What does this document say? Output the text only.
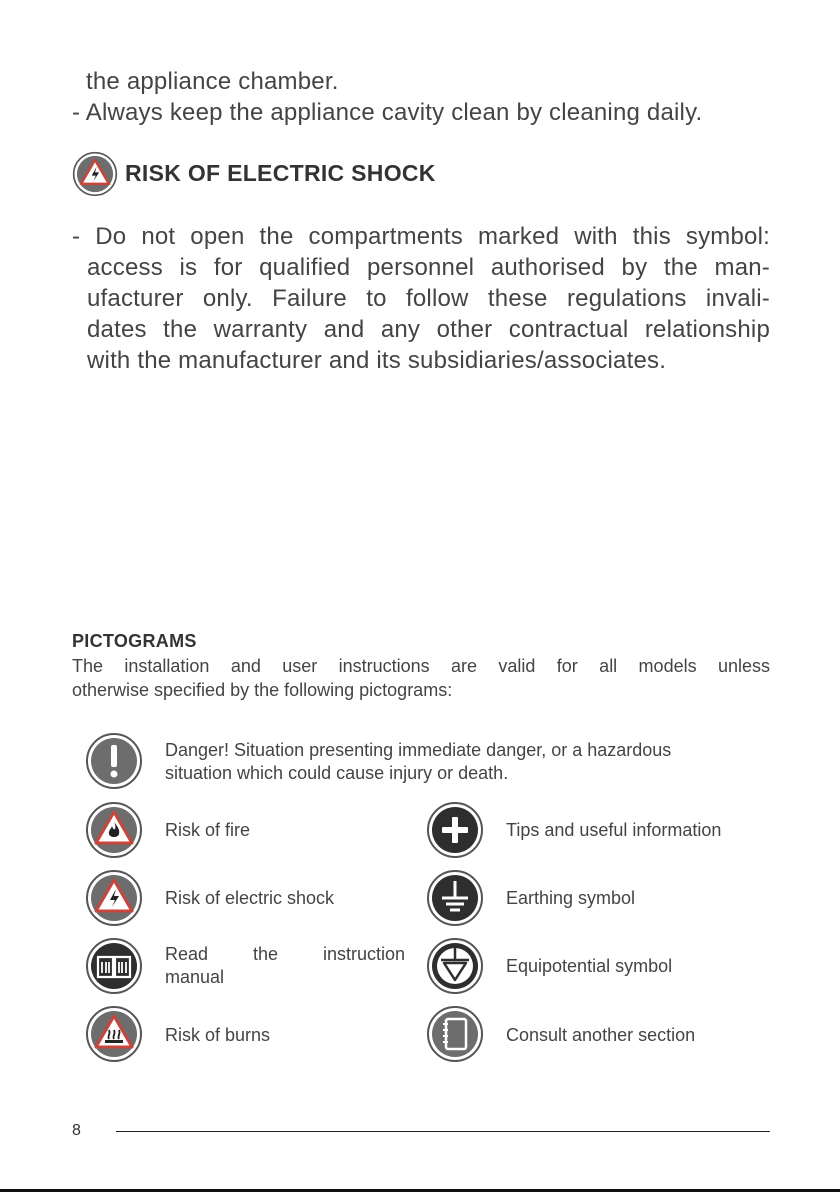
the appliance chamber.
- Always keep the appliance cavity clean by cleaning daily.
RISK OF ELECTRIC SHOCK
- Do not open the compartments marked with this symbol:
access is for qualified personnel authorised by the man-
ufacturer only. Failure to follow these regulations invali-
dates the warranty and any other contractual relationship
with the manufacturer and its subsidiaries/associates.
PICTOGRAMS
The installation and user instructions are valid for all models unless
otherwise specified by the following pictograms:
Danger! Situation presenting immediate danger, or a hazardous
situation which could cause injury or death.
Risk of fire
Risk of electric shock
Read the instruction
manual
Risk of burns
Tips and useful information
Earthing symbol
Equipotential symbol
Consult another section
8
